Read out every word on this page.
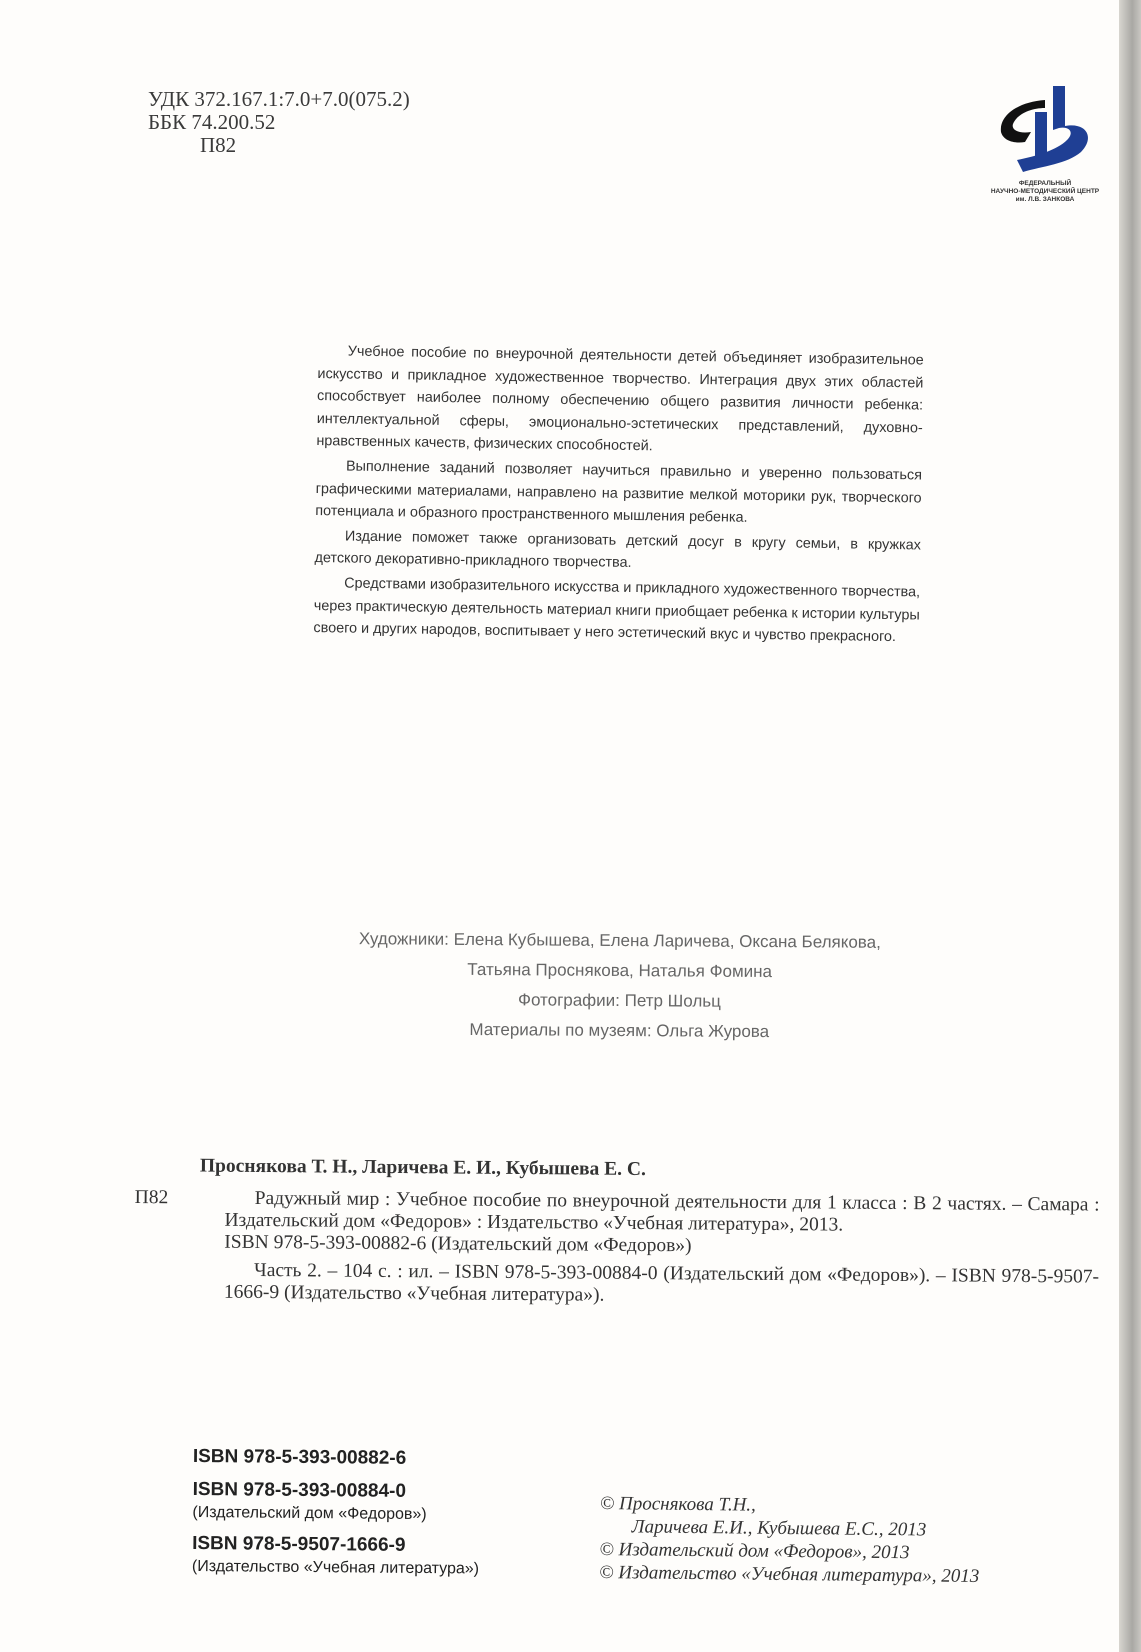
УДК 372.167.1:7.0+7.0(075.2)
ББК 74.200.52
П82
ФЕДЕРАЛЬНЫЙ
НАУЧНО-МЕТОДИЧЕСКИЙ ЦЕНТР
им. Л.В. ЗАНКОВА

Учебное пособие по внеурочной деятельности детей объединяет изобразительное искусство и прикладное художественное творчество. Интеграция двух этих областей способствует наиболее полному обеспечению общего развития личности ребенка: интеллектуальной сферы, эмоционально-эстетических представлений, духовно-нравственных качеств, физических способностей.

Выполнение заданий позволяет научиться правильно и уверенно пользоваться графическими материалами, направлено на развитие мелкой моторики рук, творческого потенциала и образного пространственного мышления ребенка.

Издание поможет также организовать детский досуг в кругу семьи, в кружках детского декоративно-прикладного творчества.

Средствами изобразительного искусства и прикладного художественного творчества, через практическую деятельность материал книги приобщает ребенка к истории культуры своего и других народов, воспитывает у него эстетический вкус и чувство прекрасного.

Художники: Елена Кубышева, Елена Ларичева, Оксана Белякова,
Татьяна Проснякова, Наталья Фомина
Фотографии: Петр Шольц
Материалы по музеям: Ольга Журова
Проснякова Т. Н., Ларичева Е. И., Кубышева Е. С.
П82	Радужный мир : Учебное пособие по внеурочной деятельности для 1 класса : В 2 частях. – Самара : Издательский дом «Федоров» : Издательство «Учебная литература», 2013.

ISBN 978-5-393-00882-6 (Издательский дом «Федоров»)

Часть 2. – 104 с. : ил. – ISBN 978-5-393-00884-0 (Издательский дом «Федоров»). – ISBN 978-5-9507-1666-9 (Издательство «Учебная литература»).

ISBN 978-5-393-00882-6
ISBN 978-5-393-00884-0
(Издательский дом «Федоров»)
ISBN 978-5-9507-1666-9
(Издательство «Учебная литература»)
© Проснякова Т.Н.,
Ларичева Е.И., Кубышева Е.С., 2013
© Издательский дом «Федоров», 2013
© Издательство «Учебная литература», 2013
